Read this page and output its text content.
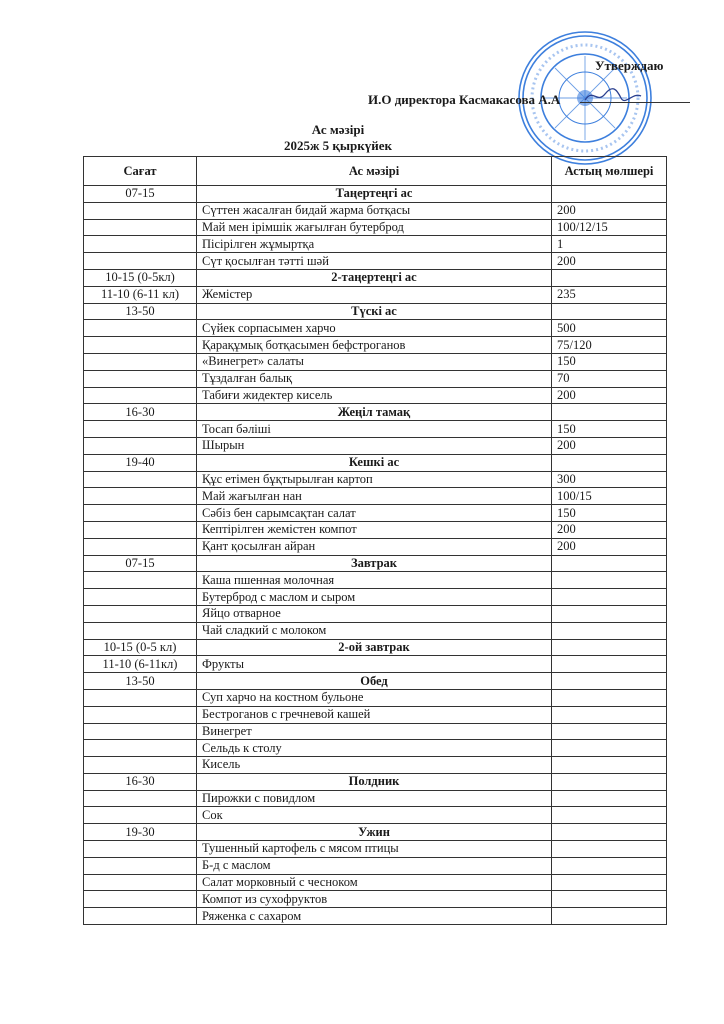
Утверждаю
И.О директора Касмакасова А.А
Ас мәзірі
2025ж 5 қыркүйек
Сағат	Ас мәзірі	Астың мөлшері
07-15	Таңертеңгі ас	
	Сүттен жасалған бидай жарма ботқасы	200
	Май мен ірімшік жағылған бутерброд	100/12/15
	Пісірілген жұмыртқа	1
	Сүт қосылған тәтті шәй	200
10-15 (0-5кл)	2-таңертеңгі ас	
11-10 (6-11 кл)	Жемістер	235
13-50	Түскі ас	
	Сүйек сорпасымен харчо	500
	Қарақұмық ботқасымен бефстроганов	75/120
	«Винегрет» салаты	150
	Тұздалған балық	70
	Табиғи жидектер кисель	200
16-30	Жеңіл тамақ	
	Тосап бәліші	150
	Шырын	200
19-40	Кешкі ас	
	Құс етімен бұқтырылған картоп	300
	Май жағылған нан	100/15
	Сәбіз бен сарымсақтан салат	150
	Кептірілген жемістен компот	200
	Қант қосылған айран	200
07-15	Завтрак	
	Каша пшенная молочная	
	Бутерброд с маслом и сыром	
	Яйцо отварное	
	Чай сладкий с молоком	
10-15 (0-5 кл)	2-ой завтрак	
11-10 (6-11кл)	Фрукты	
13-50	Обед	
	Суп харчо на костном бульоне	
	Бестроганов с гречневой кашей	
	Винегрет	
	Сельдь к столу	
	Кисель	
16-30	Полдник	
	Пирожки с повидлом	
	Сок	
19-30	Ужин	
	Тушенный картофель с мясом птицы	
	Б-д с маслом	
	Салат морковный с чесноком	
	Компот из сухофруктов	
	Ряженка с сахаром	
